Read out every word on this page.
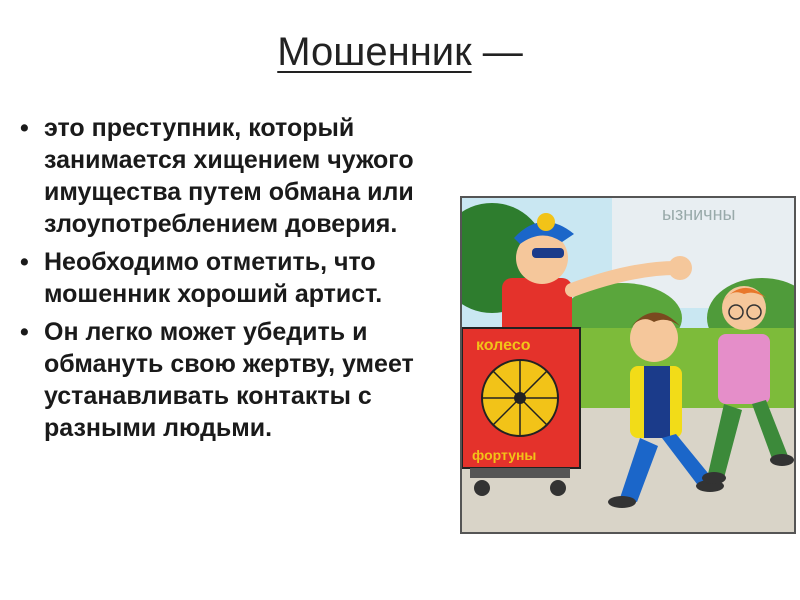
Мошенник —
• это преступник, который занимается хищением чужого имущества путем обмана или злоупотреблением доверия.
• Необходимо отметить, что мошенник хороший артист.
• Он легко может убедить и обмануть свою жертву, умеет устанавливать контакты с разными людьми.
ызничны
колесо
фортуны
